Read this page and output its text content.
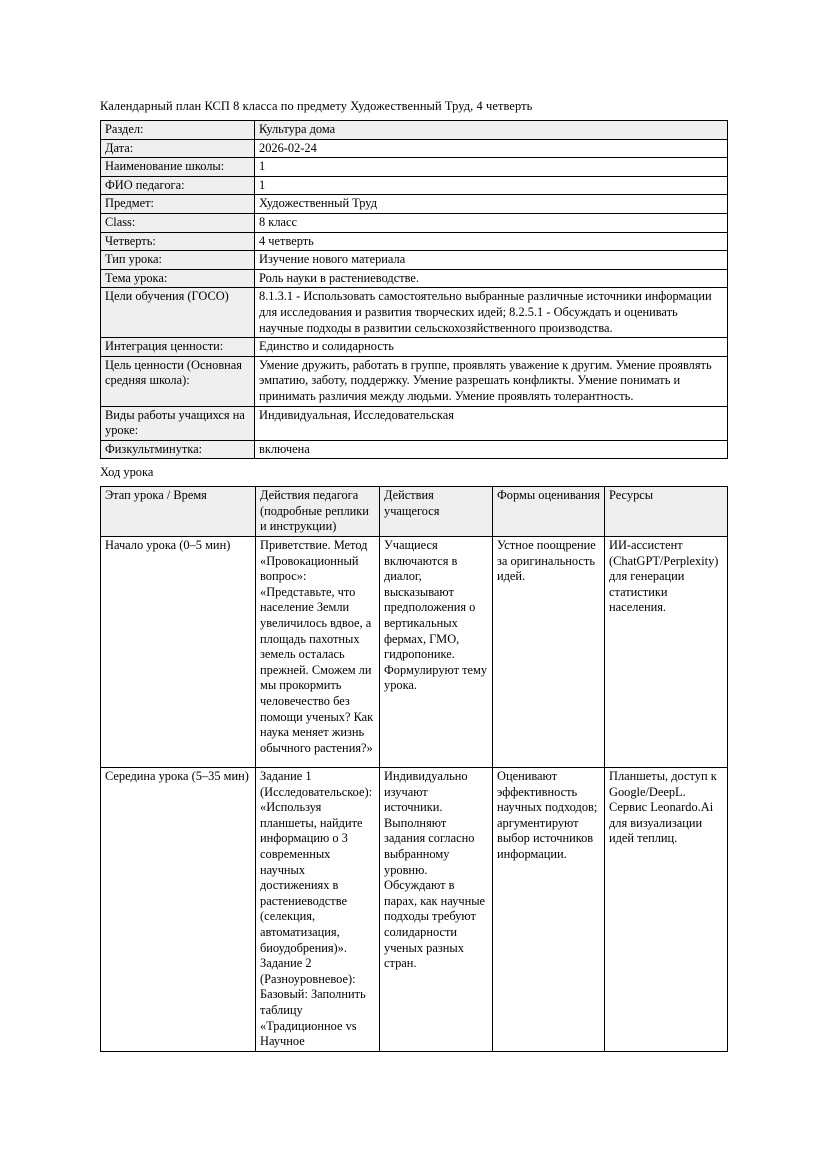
Календарный план КСП 8 класса по предмету Художественный Труд, 4 четверть

Раздел:	Культура дома
Дата:	2026-02-24
Наименование школы:	1
ФИО педагога:	1
Предмет:	Художественный Труд
Class:	8 класс
Четверть:	4 четверть
Тип урока:	Изучение нового материала
Тема урока:	Роль науки в растениеводстве.
Цели обучения (ГОСО)	8.1.3.1 - Использовать самостоятельно выбранные различные источники информации для исследования и развития творческих идей; 8.2.5.1 - Обсуждать и оценивать научные подходы в развитии сельскохозяйственного производства.
Интеграция ценности:	Единство и солидарность
Цель ценности (Основная средняя школа):	Умение дружить, работать в группе, проявлять уважение к другим. Умение проявлять эмпатию, заботу, поддержку. Умение разрешать конфликты. Умение понимать и принимать различия между людьми. Умение проявлять толерантность.
Виды работы учащихся на уроке:	Индивидуальная, Исследовательская
Физкультминутка:	включена

Ход урока

Этап урока / Время	Действия педагога (подробные реплики и инструкции)	Действия учащегося	Формы оценивания	Ресурсы
Начало урока (0–5 мин)	Приветствие. Метод «Провокационный вопрос»: «Представьте, что население Земли увеличилось вдвое, а площадь пахотных земель осталась прежней. Сможем ли мы прокормить человечество без помощи ученых? Как наука меняет жизнь обычного растения?»	Учащиеся включаются в диалог, высказывают предположения о вертикальных фермах, ГМО, гидропонике. Формулируют тему урока.	Устное поощрение за оригинальность идей.	ИИ-ассистент (ChatGPT/Perplexity) для генерации статистики населения.
Середина урока (5–35 мин)	Задание 1 (Исследовательское): «Используя планшеты, найдите информацию о 3 современных научных достижениях в растениеводстве (селекция, автоматизация, биоудобрения)». Задание 2 (Разноуровневое): Базовый: Заполнить таблицу «Традиционное vs Научное	Индивидуально изучают источники. Выполняют задания согласно выбранному уровню. Обсуждают в парах, как научные подходы требуют солидарности ученых разных стран.	Оценивают эффективность научных подходов; аргументируют выбор источников информации.	Планшеты, доступ к Google/DeepL. Сервис Leonardo.Ai для визуализации идей теплиц.
